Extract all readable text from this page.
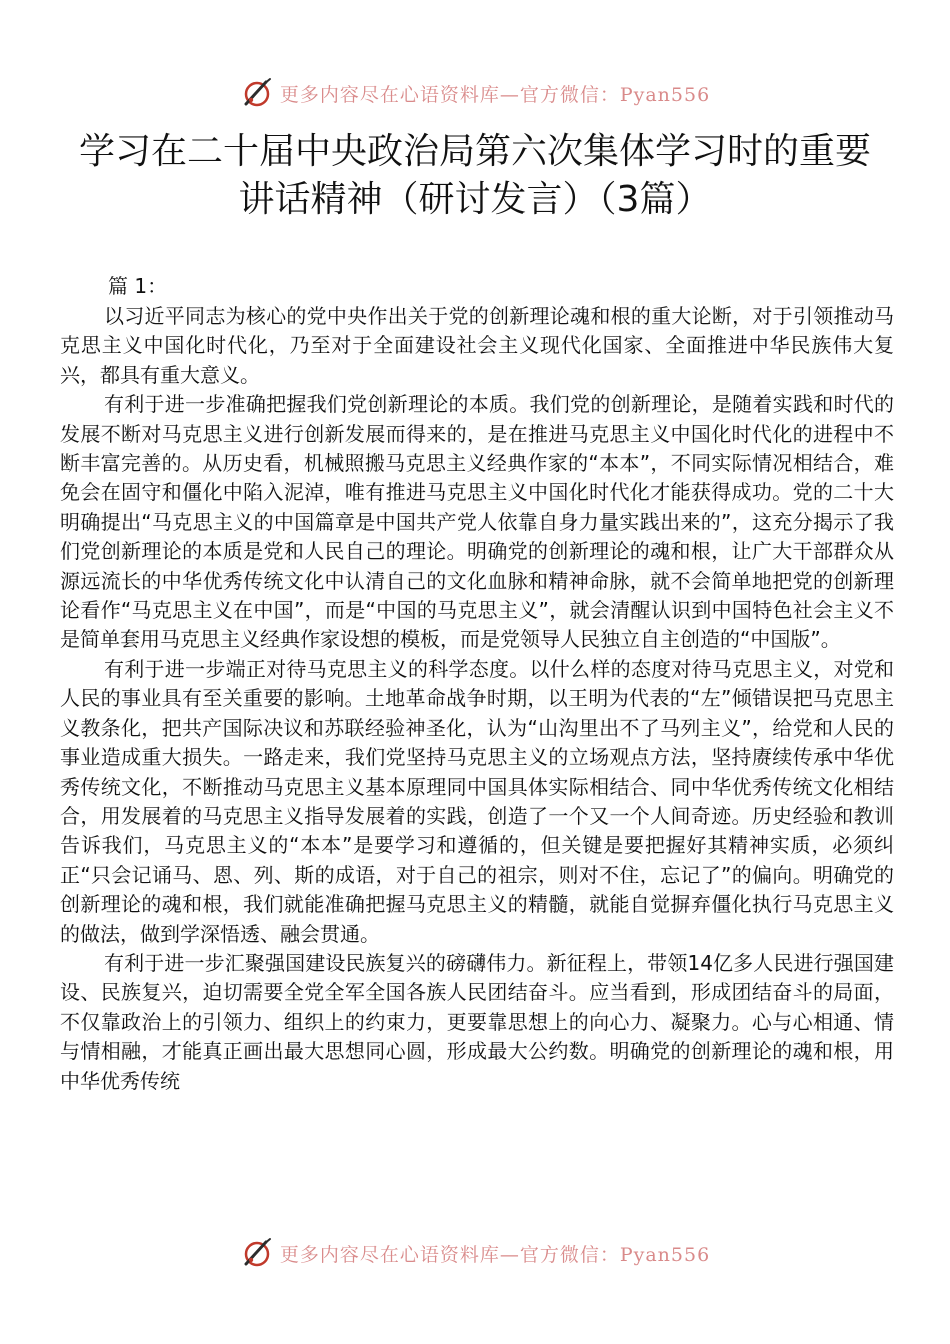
更多内容尽在心语资料库—官方微信：Pyan556
学习在二十届中央政治局第六次集体学习时的重要
讲话精神（研讨发言）（3篇）

篇 1：

以习近平同志为核心的党中央作出关于党的创新理论魂和根的重大论断，对于引领推动马克思主义中国化时代化，乃至对于全面建设社会主义现代化国家、全面推进中华民族伟大复兴，都具有重大意义。

有利于进一步准确把握我们党创新理论的本质。我们党的创新理论，是随着实践和时代的发展不断对马克思主义进行创新发展而得来的，是在推进马克思主义中国化时代化的进程中不断丰富完善的。从历史看，机械照搬马克思主义经典作家的“本本”，不同实际情况相结合，难免会在固守和僵化中陷入泥淖，唯有推进马克思主义中国化时代化才能获得成功。党的二十大明确提出“马克思主义的中国篇章是中国共产党人依靠自身力量实践出来的”，这充分揭示了我们党创新理论的本质是党和人民自己的理论。明确党的创新理论的魂和根，让广大干部群众从源远流长的中华优秀传统文化中认清自己的文化血脉和精神命脉，就不会简单地把党的创新理论看作“马克思主义在中国”，而是“中国的马克思主义”，就会清醒认识到中国特色社会主义不是简单套用马克思主义经典作家设想的模板，而是党领导人民独立自主创造的“中国版”。

有利于进一步端正对待马克思主义的科学态度。以什么样的态度对待马克思主义，对党和人民的事业具有至关重要的影响。土地革命战争时期，以王明为代表的“左”倾错误把马克思主义教条化，把共产国际决议和苏联经验神圣化，认为“山沟里出不了马列主义”，给党和人民的事业造成重大损失。一路走来，我们党坚持马克思主义的立场观点方法，坚持赓续传承中华优秀传统文化，不断推动马克思主义基本原理同中国具体实际相结合、同中华优秀传统文化相结合，用发展着的马克思主义指导发展着的实践，创造了一个又一个人间奇迹。历史经验和教训告诉我们，马克思主义的“本本”是要学习和遵循的，但关键是要把握好其精神实质，必须纠正“只会记诵马、恩、列、斯的成语，对于自己的祖宗，则对不住，忘记了”的偏向。明确党的创新理论的魂和根，我们就能准确把握马克思主义的精髓，就能自觉摒弃僵化执行马克思主义的做法，做到学深悟透、融会贯通。

有利于进一步汇聚强国建设民族复兴的磅礴伟力。新征程上，带领14亿多人民进行强国建设、民族复兴，迫切需要全党全军全国各族人民团结奋斗。应当看到，形成团结奋斗的局面，不仅靠政治上的引领力、组织上的约束力，更要靠思想上的向心力、凝聚力。心与心相通、情与情相融，才能真正画出最大思想同心圆，形成最大公约数。明确党的创新理论的魂和根，用中华优秀传统

更多内容尽在心语资料库—官方微信：Pyan556
